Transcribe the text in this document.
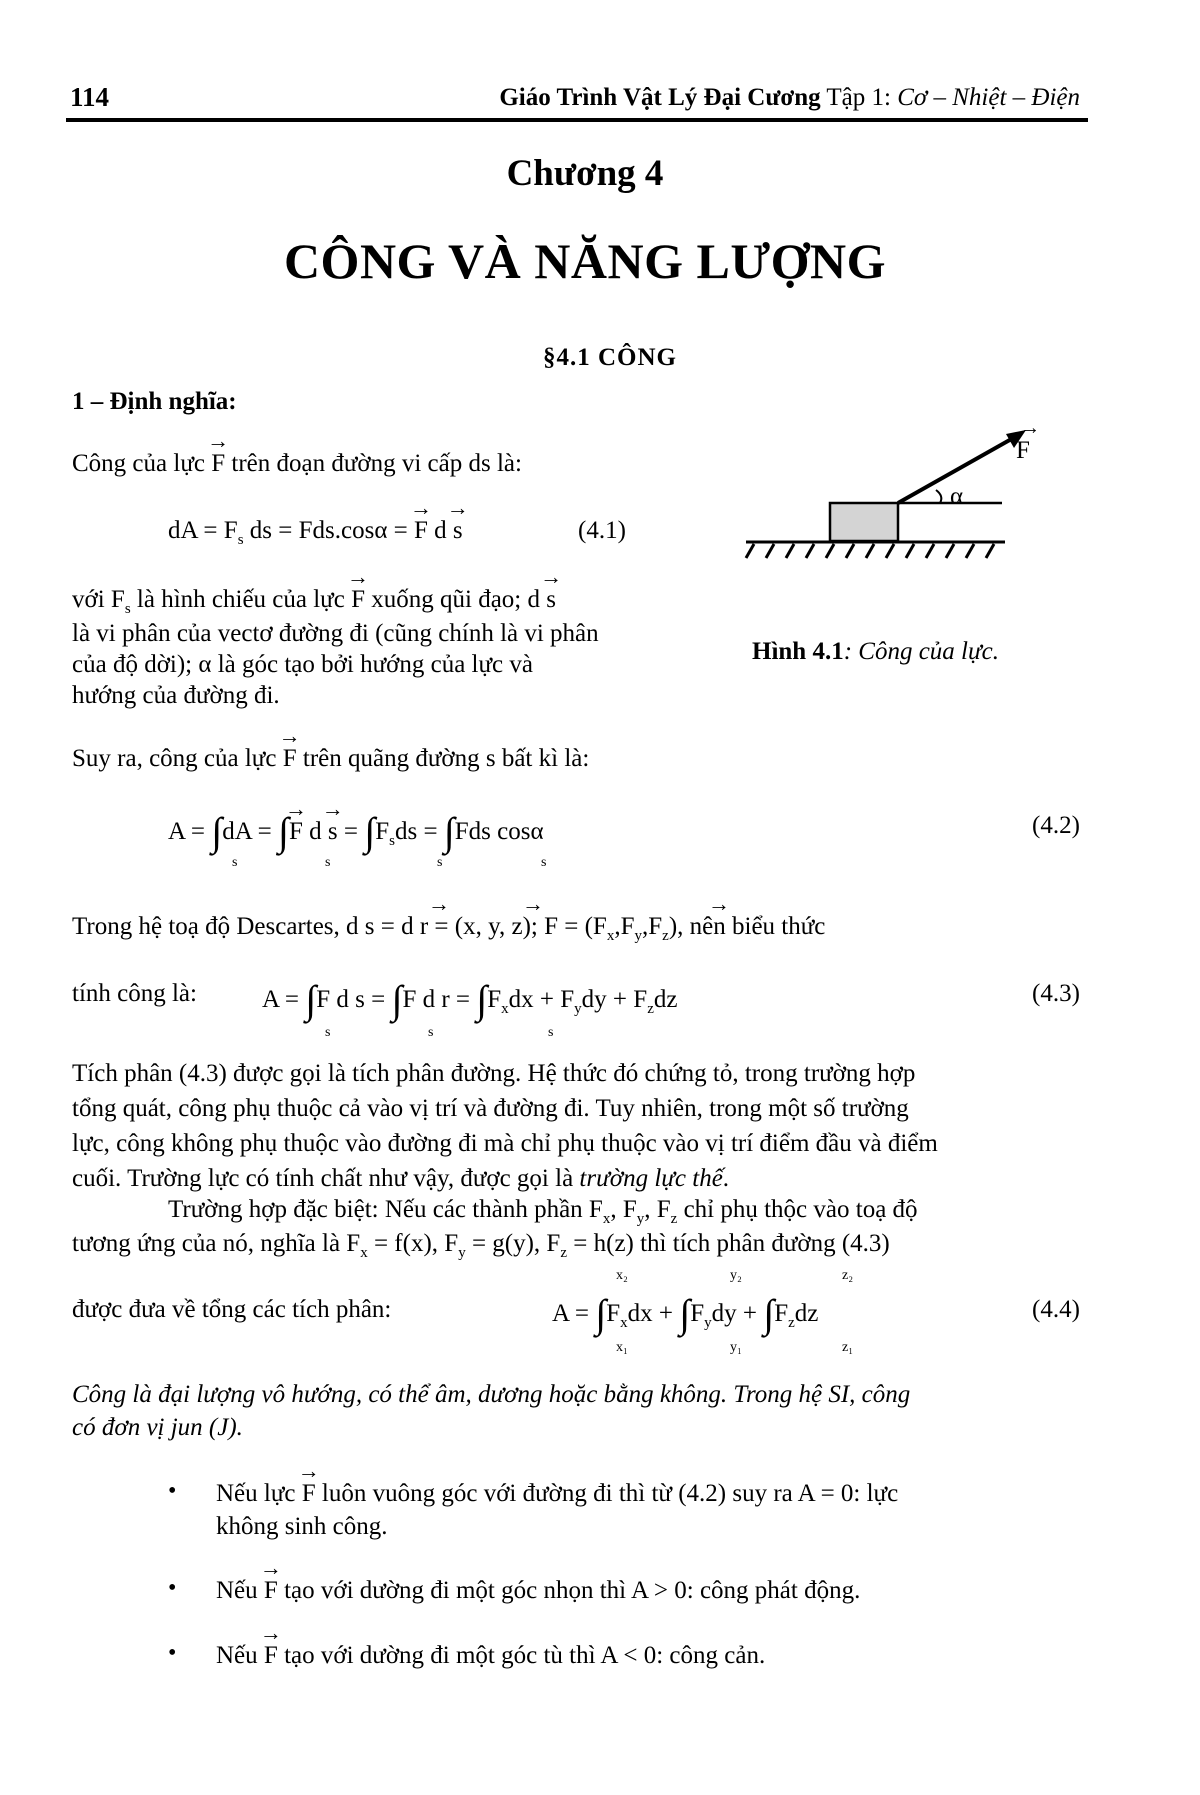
114	Giáo Trình Vật Lý Đại Cương Tập 1: Cơ – Nhiệt – Điện
Chương 4
CÔNG VÀ NĂNG LƯỢNG
§4.1 CÔNG
1 – Định nghĩa:
Công của lực → F trên đoạn đường vi cấp ds là:
dA = $F_s$ ds = Fds.cosα = → F d → s	(4.1)
với $F_s$ là hình chiếu của lực → F xuống qũi đạo; d → s
là vi phân của vectơ đường đi (cũng chính là vi phân
của độ dời); α là góc tạo bởi hướng của lực và
hướng của đường đi.
α
F
→
Hình 4.1: Công của lực.
Suy ra, công của lực → F trên quãng đường s bất kì là:
A = ∫dA = ∫→ F $d \to s = \int F_sds = \int Fds$ cosα
s	s	s	s
(4.2)
Trong hệ toạ độ Descartes, d s = d r = (x, y, z); $F = (F_x,F_y,F_z)$, nên biểu thức
→	→	→
tính công là:	A = ∫F d s = ∫F d $r = \int F_xdx + F_ydy + F_zdz$
s	s	s
(4.3)
Tích phân (4.3) được gọi là tích phân đường. Hệ thức đó chứng tỏ, trong trường hợp
tổng quát, công phụ thuộc cả vào vị trí và đường đi. Tuy nhiên, trong một số trường
lực, công không phụ thuộc vào đường đi mà chỉ phụ thuộc vào vị trí điểm đầu và điểm
cuối. Trường lực có tính chất như vậy, được gọi là trường lực thế.
Trường hợp đặc biệt: Nếu các thành phần $F_x$, $F_y$, $F_z$ chỉ phụ thộc vào toạ độ
tương ứng của nó, nghĩa là $F_x = f(x)$, $F_y = g(y)$, $F_z = h(z)$ thì tích phân đường (4.3)
được đưa về tổng các tích phân:	$A = \int F_xdx + \int F_ydy + \int F_zdz$
x₂
x₁
y₂
y₁
z₂
z₁
(4.4)
Công là đại lượng vô hướng, có thể âm, dương hoặc bằng không. Trong hệ SI, công
có đơn vị jun (J).
• Nếu lực → F luôn vuông góc với đường đi thì từ (4.2) suy ra A = 0: lực
không sinh công.
• Nếu → F tạo với dường đi một góc nhọn thì A > 0: công phát động.
• Nếu → F tạo với dường đi một góc tù thì A < 0: công cản.
